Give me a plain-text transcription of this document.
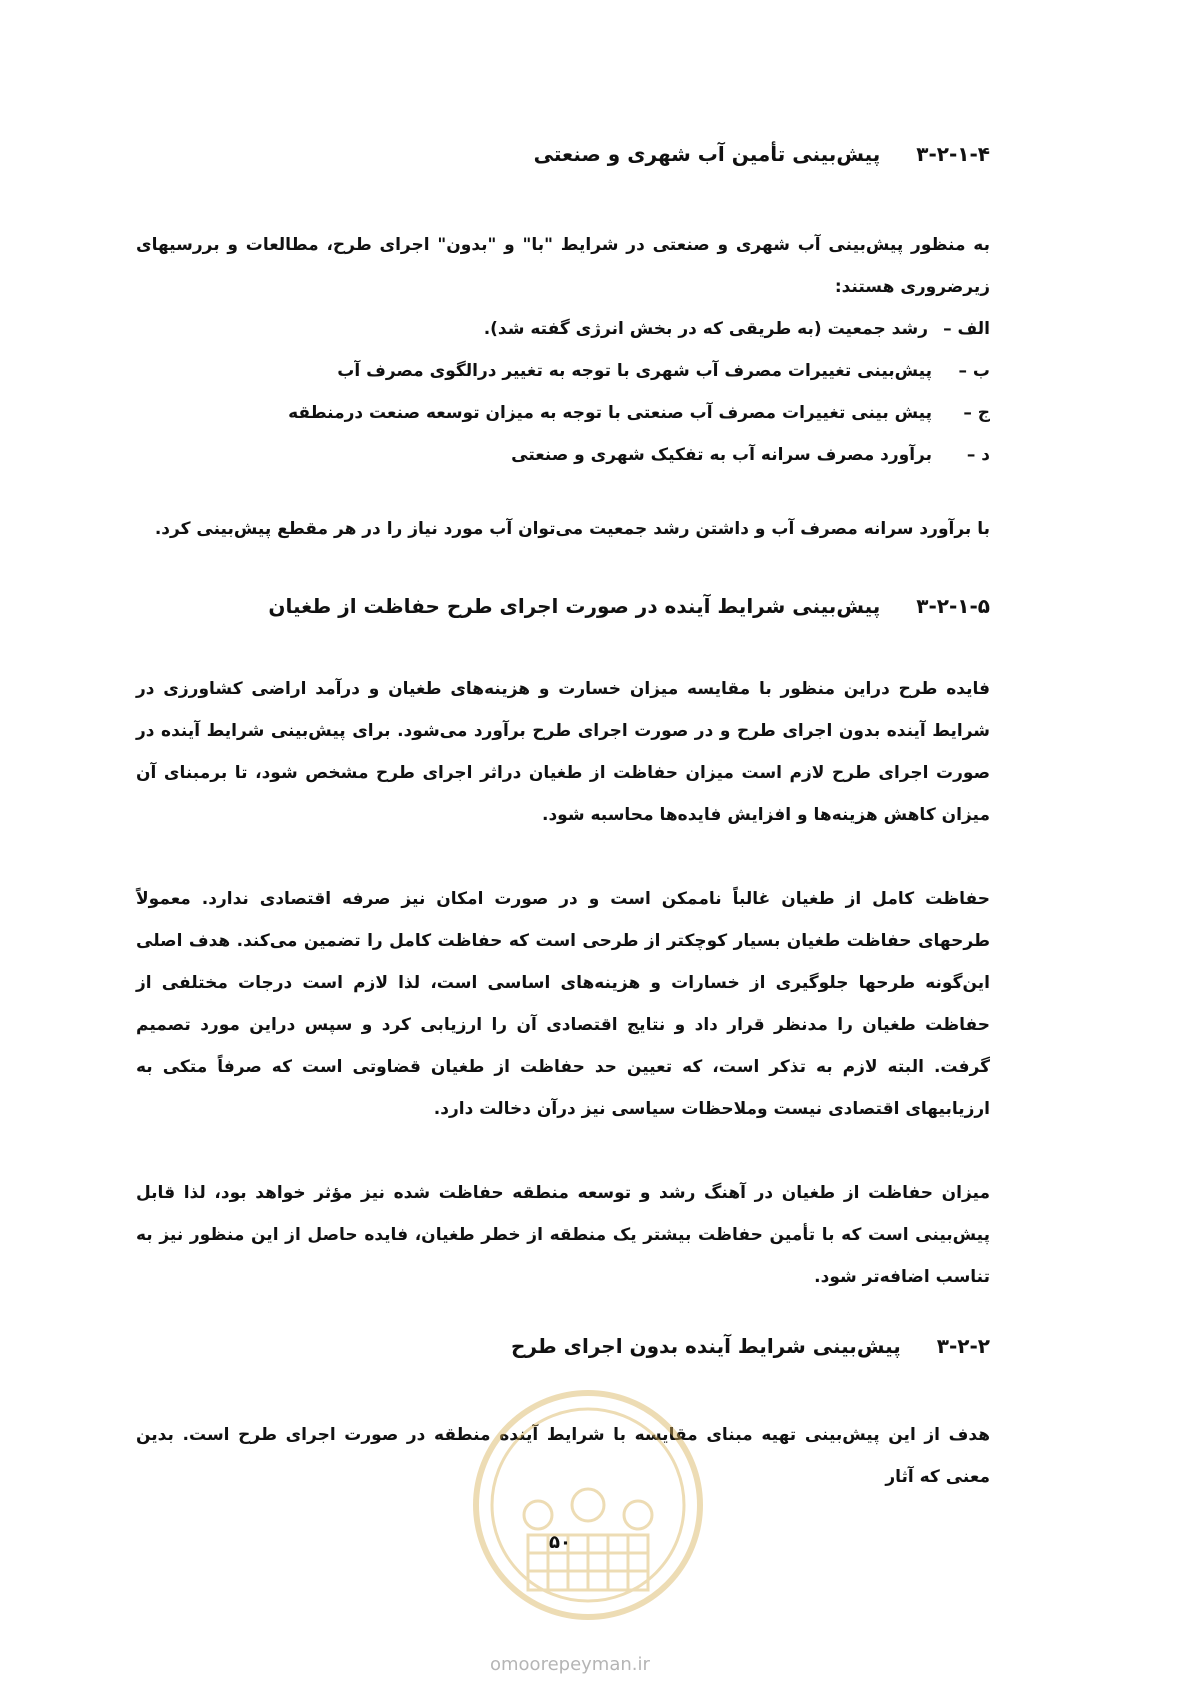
۳-۲-۱-۴
پیش‌بینی تأمین آب شهری و صنعتی

به منظور پیش‌بینی آب شهری و صنعتی در شرایط "با" و "بدون" اجرای طرح، مطالعات و بررسیهای زیرضروری هستند:

الف –
رشد جمعیت (به طریقی که در بخش انرژی گفته شد).
ب –
پیش‌بینی تغییرات مصرف آب شهری با توجه به تغییر درالگوی مصرف آب
ج –
پیش بینی تغییرات مصرف آب صنعتی با توجه به میزان توسعه صنعت درمنطقه
د –
برآورد مصرف سرانه آب به تفکیک شهری و صنعتی

با برآورد سرانه مصرف آب و داشتن رشد جمعیت می‌توان آب مورد نیاز را در هر مقطع پیش‌بینی کرد.

۳-۲-۱-۵
پیش‌بینی شرایط آینده در صورت اجرای طرح حفاظت از طغیان

فایده طرح دراین منظور با مقایسه میزان خسارت و هزینه‌های طغیان و درآمد اراضی کشاورزی در شرایط آینده بدون اجرای طرح و در صورت اجرای طرح برآورد می‌شود. برای پیش‌بینی شرایط آینده در صورت اجرای طرح لازم است میزان حفاظت از طغیان دراثر اجرای طرح مشخص شود، تا برمبنای آن میزان کاهش هزینه‌ها و افزایش فایده‌ها محاسبه شود.

حفاظت کامل از طغیان غالباً ناممکن است و در صورت امکان نیز صرفه اقتصادی ندارد. معمولاً طرحهای حفاظت طغیان بسیار کوچکتر از طرحی است که حفاظت کامل را تضمین می‌کند. هدف اصلی این‌گونه طرحها جلوگیری از خسارات و هزینه‌های اساسی است، لذا لازم است درجات مختلفی از حفاظت طغیان را مدنظر قرار داد و نتایج اقتصادی آن را ارزیابی کرد و سپس دراین مورد تصمیم گرفت. البته لازم به تذکر است، که تعیین حد حفاظت از طغیان قضاوتی است که صرفاً متکی به ارزیابیهای اقتصادی نیست وملاحظات سیاسی نیز درآن دخالت دارد.

میزان حفاظت از طغیان در آهنگ رشد و توسعه منطقه حفاظت شده نیز مؤثر خواهد بود، لذا قابل پیش‌بینی است که با تأمین حفاظت بیشتر یک منطقه از خطر طغیان، فایده حاصل از این منظور نیز به تناسب اضافه‌تر شود.

۳-۲-۲
پیش‌بینی شرایط آینده بدون اجرای طرح

هدف از این پیش‌بینی تهیه مبنای مقایسه با شرایط آینده منطقه در صورت اجرای طرح است. بدین معنی که آثار

۵۰
omoorepeyman.ir
